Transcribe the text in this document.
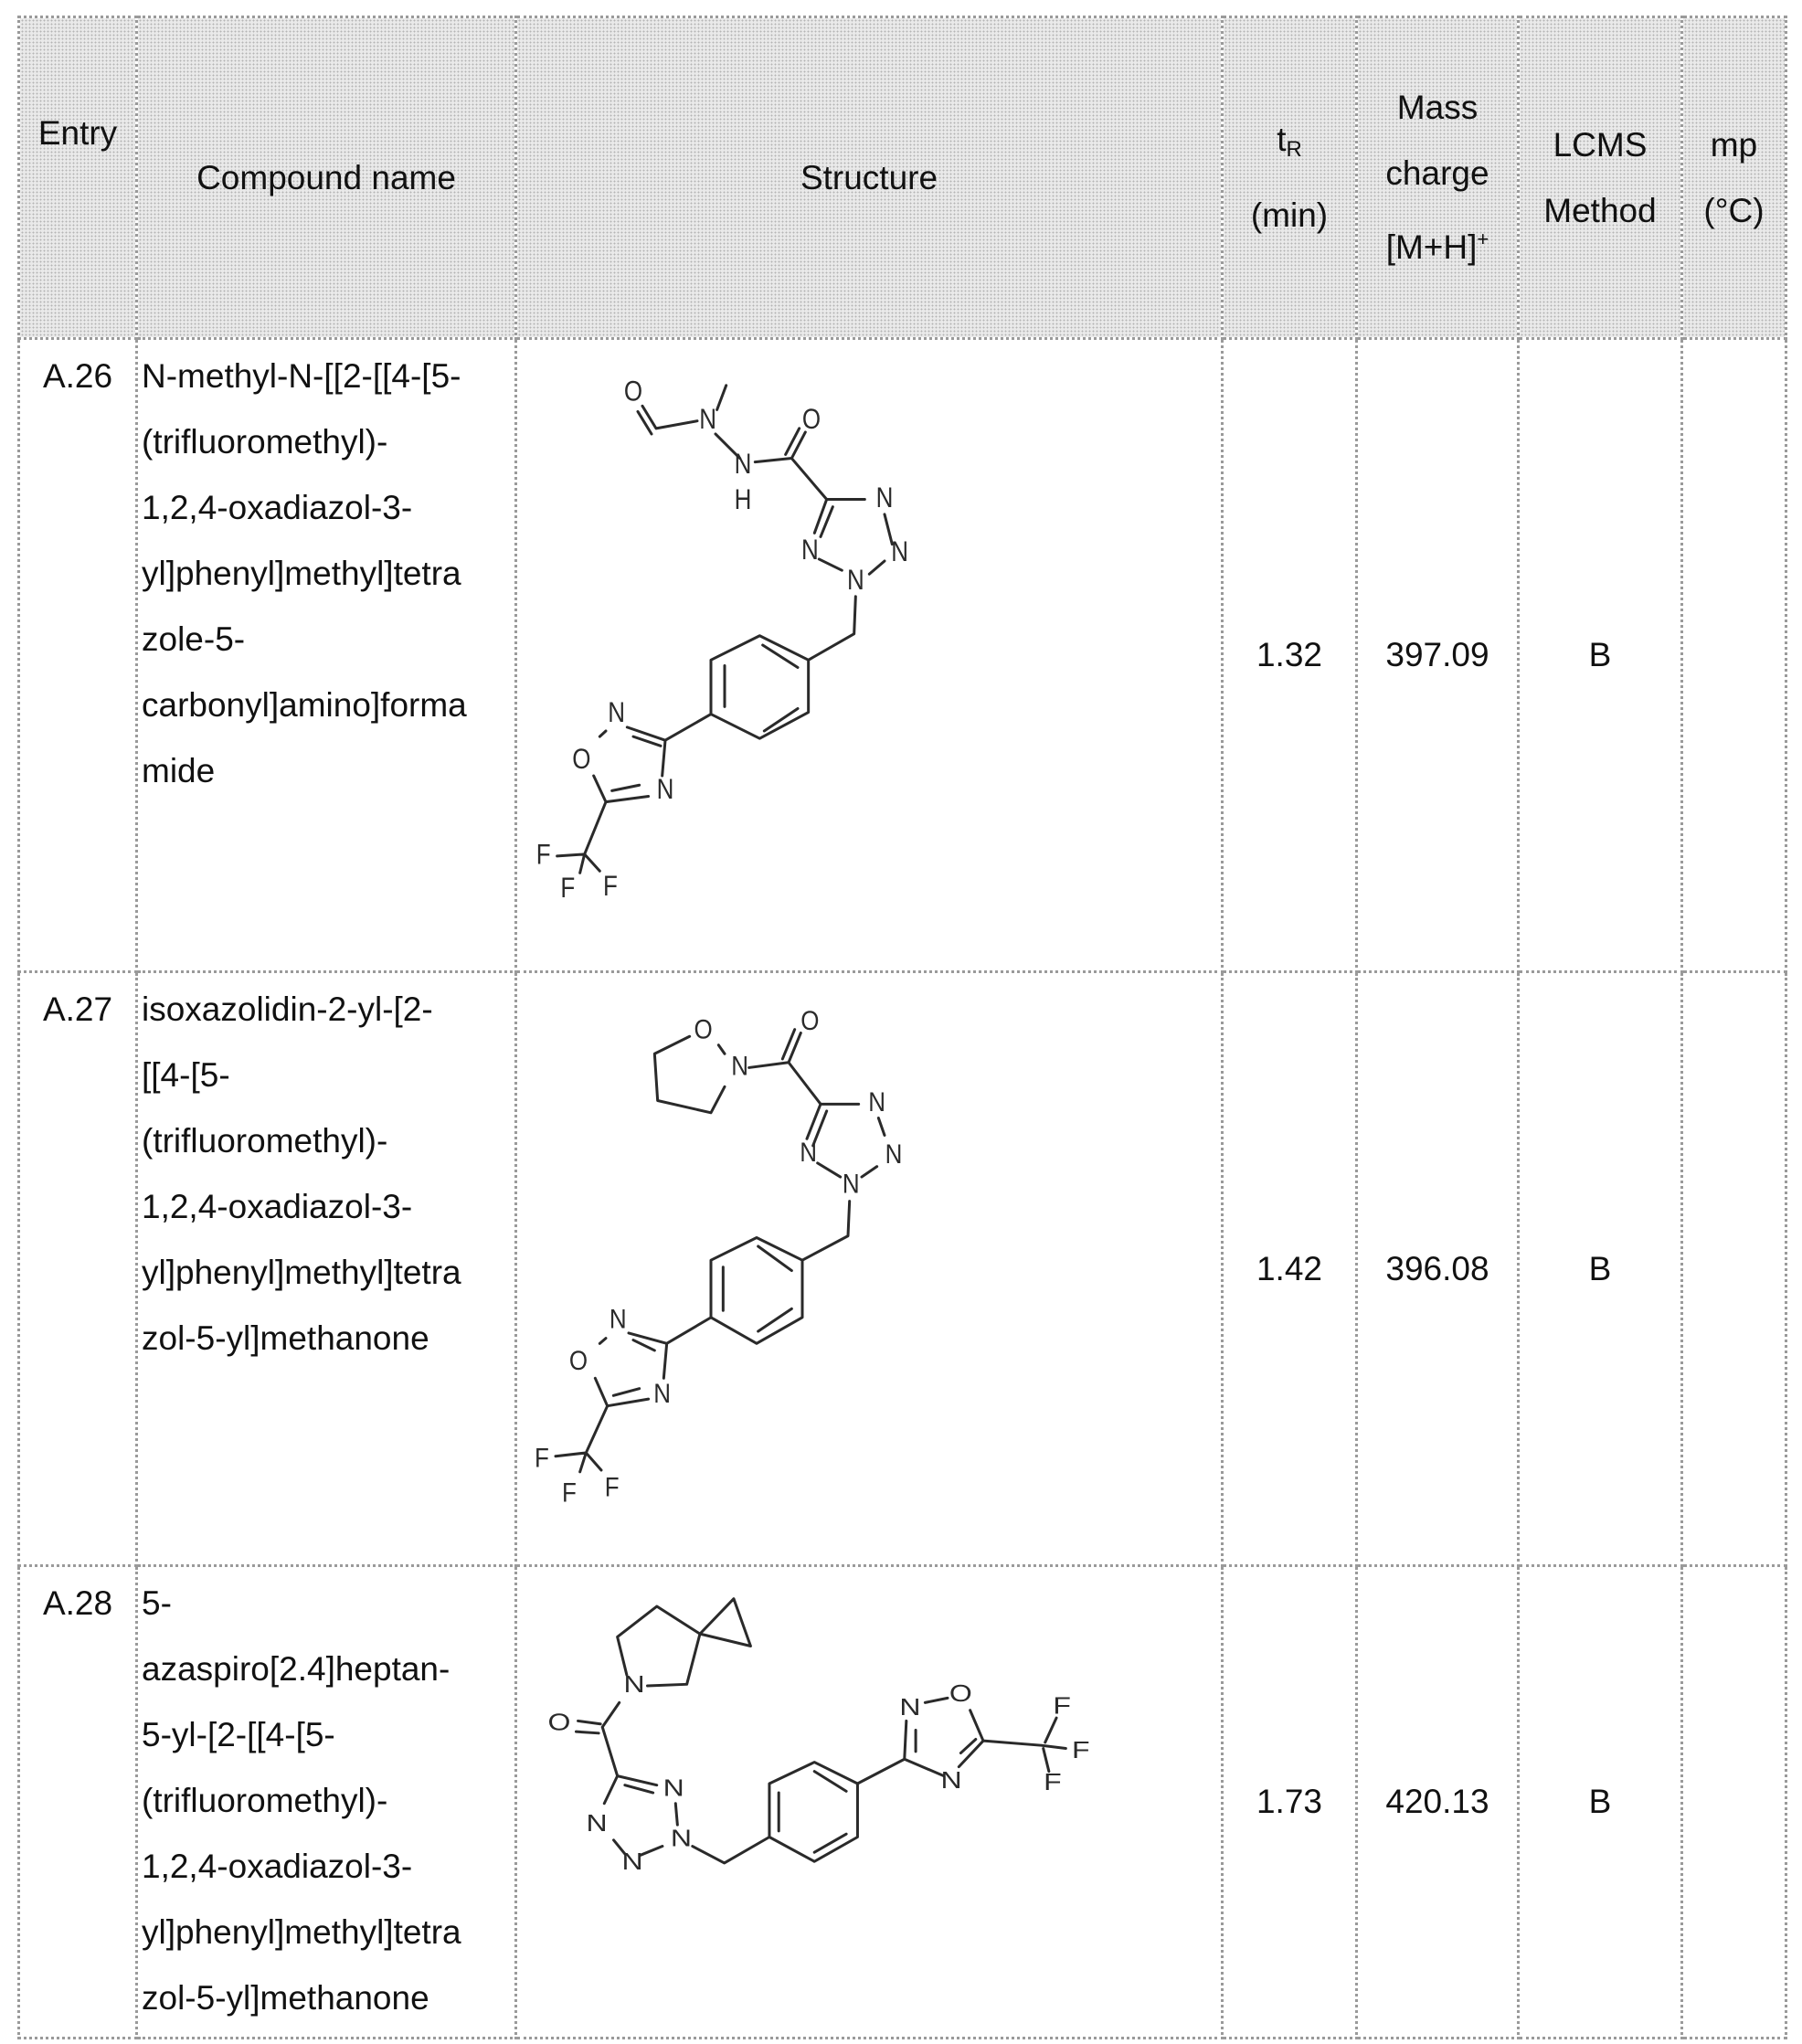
Entry
	Compound name	Structure	
tR
(min)

Mass
charge
[M+H]+

LCMS
Method

mp
(°C)

A.26	N-methyl-N-[[2-[[4-[5-
(trifluoromethyl)-
1,2,4-oxadiazol-3-
yl]phenyl]methyl]tetra
zole-5-
carbonyl]amino]forma
mide

O
N
N
H
O
N
N
N
N
N
O
N
F
F F
	1.32	397.09	B	
A.27	isoxazolidin-2-yl-[2-
[[4-[5-
(trifluoromethyl)-
1,2,4-oxadiazol-3-
yl]phenyl]methyl]tetra
zol-5-yl]methanone

O
N
O
N
N
N
N
N
O
N
F
F F
	1.42	396.08	B	
A.28	5-
azaspiro[2.4]heptan-
5-yl-[2-[[4-[5-
(trifluoromethyl)-
1,2,4-oxadiazol-3-
yl]phenyl]methyl]tetra
zol-5-yl]methanone

N
O
N
N
N
N
N
O
N
F
F
F
	1.73	420.13	B	
